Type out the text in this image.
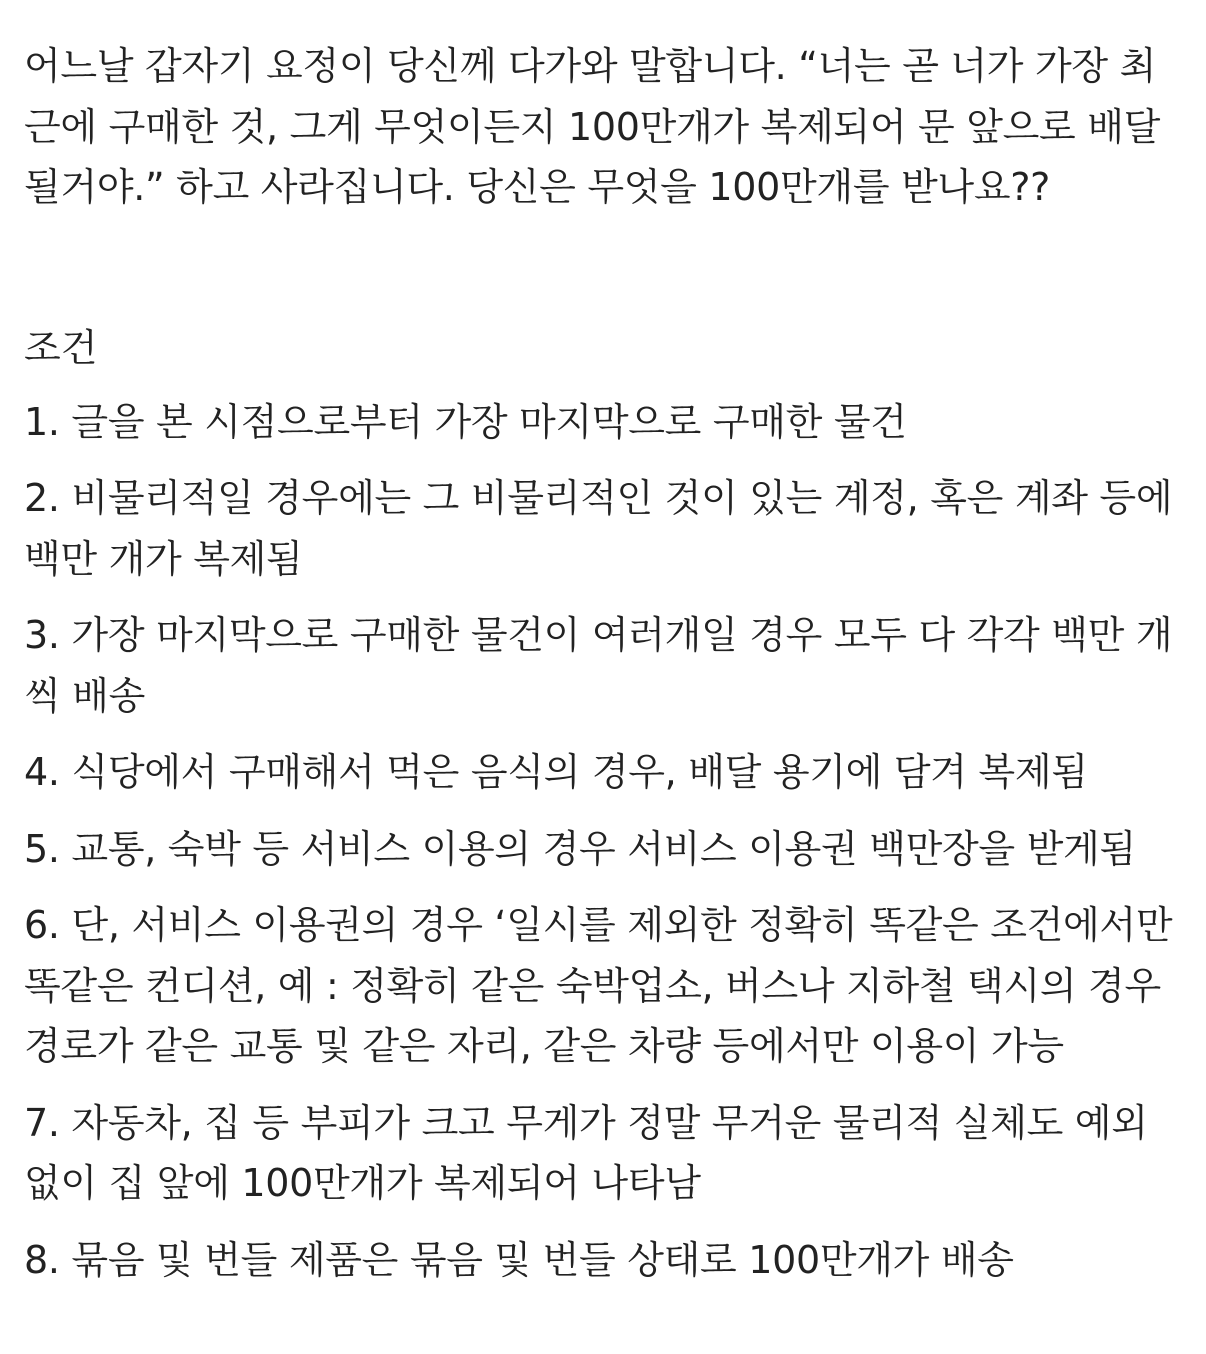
어느날 갑자기 요정이 당신께 다가와 말합니다. “너는 곧 너가 가장 최근에 구매한 것, 그게 무엇이든지 100만개가 복제되어 문 앞으로 배달될거야.” 하고 사라집니다. 당신은 무엇을 100만개를 받나요??

조건

1. 글을 본 시점으로부터 가장 마지막으로 구매한 물건

2. 비물리적일 경우에는 그 비물리적인 것이 있는 계정, 혹은 계좌 등에 백만 개가 복제됨

3. 가장 마지막으로 구매한 물건이 여러개일 경우 모두 다 각각 백만 개씩 배송

4. 식당에서 구매해서 먹은 음식의 경우, 배달 용기에 담겨 복제됨

5. 교통, 숙박 등 서비스 이용의 경우 서비스 이용권 백만장을 받게됨

6. 단, 서비스 이용권의 경우 ‘일시를 제외한 정확히 똑같은 조건에서만 똑같은 컨디션, 예 : 정확히 같은 숙박업소, 버스나 지하철 택시의 경우 경로가 같은 교통 및 같은 자리, 같은 차량 등에서만 이용이 가능

7. 자동차, 집 등 부피가 크고 무게가 정말 무거운 물리적 실체도 예외없이 집 앞에 100만개가 복제되어 나타남

8. 묶음 및 번들 제품은 묶음 및 번들 상태로 100만개가 배송
